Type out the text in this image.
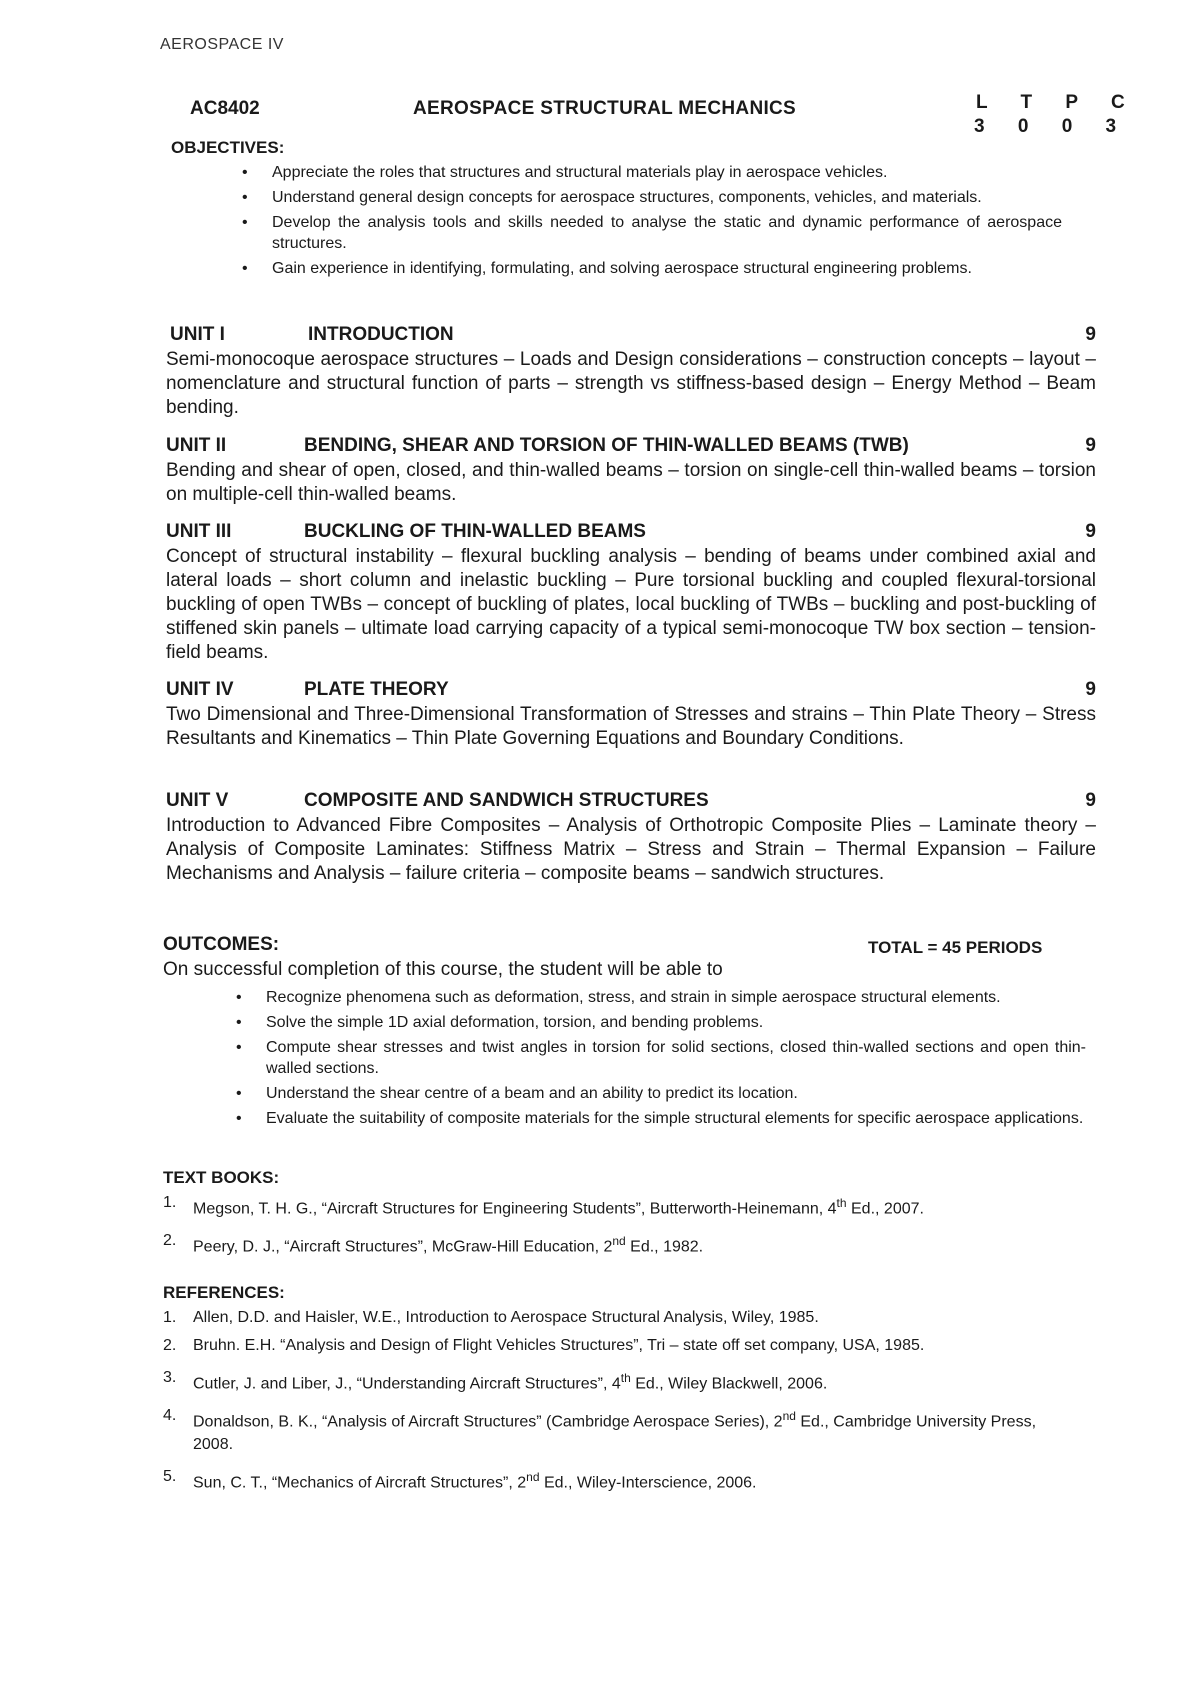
AEROSPACE IV
AC8402	AEROSPACE STRUCTURAL MECHANICS	L T P C
3 0 0 3
OBJECTIVES:
• Appreciate the roles that structures and structural materials play in aerospace vehicles.
• Understand general design concepts for aerospace structures, components, vehicles, and materials.
• Develop the analysis tools and skills needed to analyse the static and dynamic performance of aerospace structures.
• Gain experience in identifying, formulating, and solving aerospace structural engineering problems.
UNIT I	INTRODUCTION	9

Semi-monocoque aerospace structures – Loads and Design considerations – construction concepts – layout – nomenclature and structural function of parts – strength vs stiffness-based design – Energy Method – Beam bending.

UNIT II	BENDING, SHEAR AND TORSION OF THIN-WALLED BEAMS (TWB)	9

Bending and shear of open, closed, and thin-walled beams – torsion on single-cell thin-walled beams – torsion on multiple-cell thin-walled beams.

UNIT III	BUCKLING OF THIN-WALLED BEAMS	9

Concept of structural instability – flexural buckling analysis – bending of beams under combined axial and lateral loads – short column and inelastic buckling – Pure torsional buckling and coupled flexural-torsional buckling of open TWBs – concept of buckling of plates, local buckling of TWBs – buckling and post-buckling of stiffened skin panels – ultimate load carrying capacity of a typical semi-monocoque TW box section – tension-field beams.

UNIT IV	PLATE THEORY	9

Two Dimensional and Three-Dimensional Transformation of Stresses and strains – Thin Plate Theory – Stress Resultants and Kinematics – Thin Plate Governing Equations and Boundary Conditions.

UNIT V	COMPOSITE AND SANDWICH STRUCTURES	9

Introduction to Advanced Fibre Composites – Analysis of Orthotropic Composite Plies – Laminate theory – Analysis of Composite Laminates: Stiffness Matrix – Stress and Strain – Thermal Expansion – Failure Mechanisms and Analysis – failure criteria – composite beams – sandwich structures.

OUTCOMES:	TOTAL = 45 PERIODS
On successful completion of this course, the student will be able to
• Recognize phenomena such as deformation, stress, and strain in simple aerospace structural elements.
• Solve the simple 1D axial deformation, torsion, and bending problems.
• Compute shear stresses and twist angles in torsion for solid sections, closed thin-walled sections and open thin-walled sections.
• Understand the shear centre of a beam and an ability to predict its location.
• Evaluate the suitability of composite materials for the simple structural elements for specific aerospace applications.
TEXT BOOKS:
1. Megson, T. H. G., “Aircraft Structures for Engineering Students”, Butterworth-Heinemann, 4th Ed., 2007.
2. Peery, D. J., “Aircraft Structures”, McGraw-Hill Education, 2nd Ed., 1982.
REFERENCES:
1. Allen, D.D. and Haisler, W.E., Introduction to Aerospace Structural Analysis, Wiley, 1985.
2. Bruhn. E.H. “Analysis and Design of Flight Vehicles Structures”, Tri – state off set company, USA, 1985.
3. Cutler, J. and Liber, J., “Understanding Aircraft Structures”, 4th Ed., Wiley Blackwell, 2006.
4. Donaldson, B. K., “Analysis of Aircraft Structures” (Cambridge Aerospace Series), 2nd Ed., Cambridge University Press, 2008.
5. Sun, C. T., “Mechanics of Aircraft Structures”, 2nd Ed., Wiley-Interscience, 2006.
